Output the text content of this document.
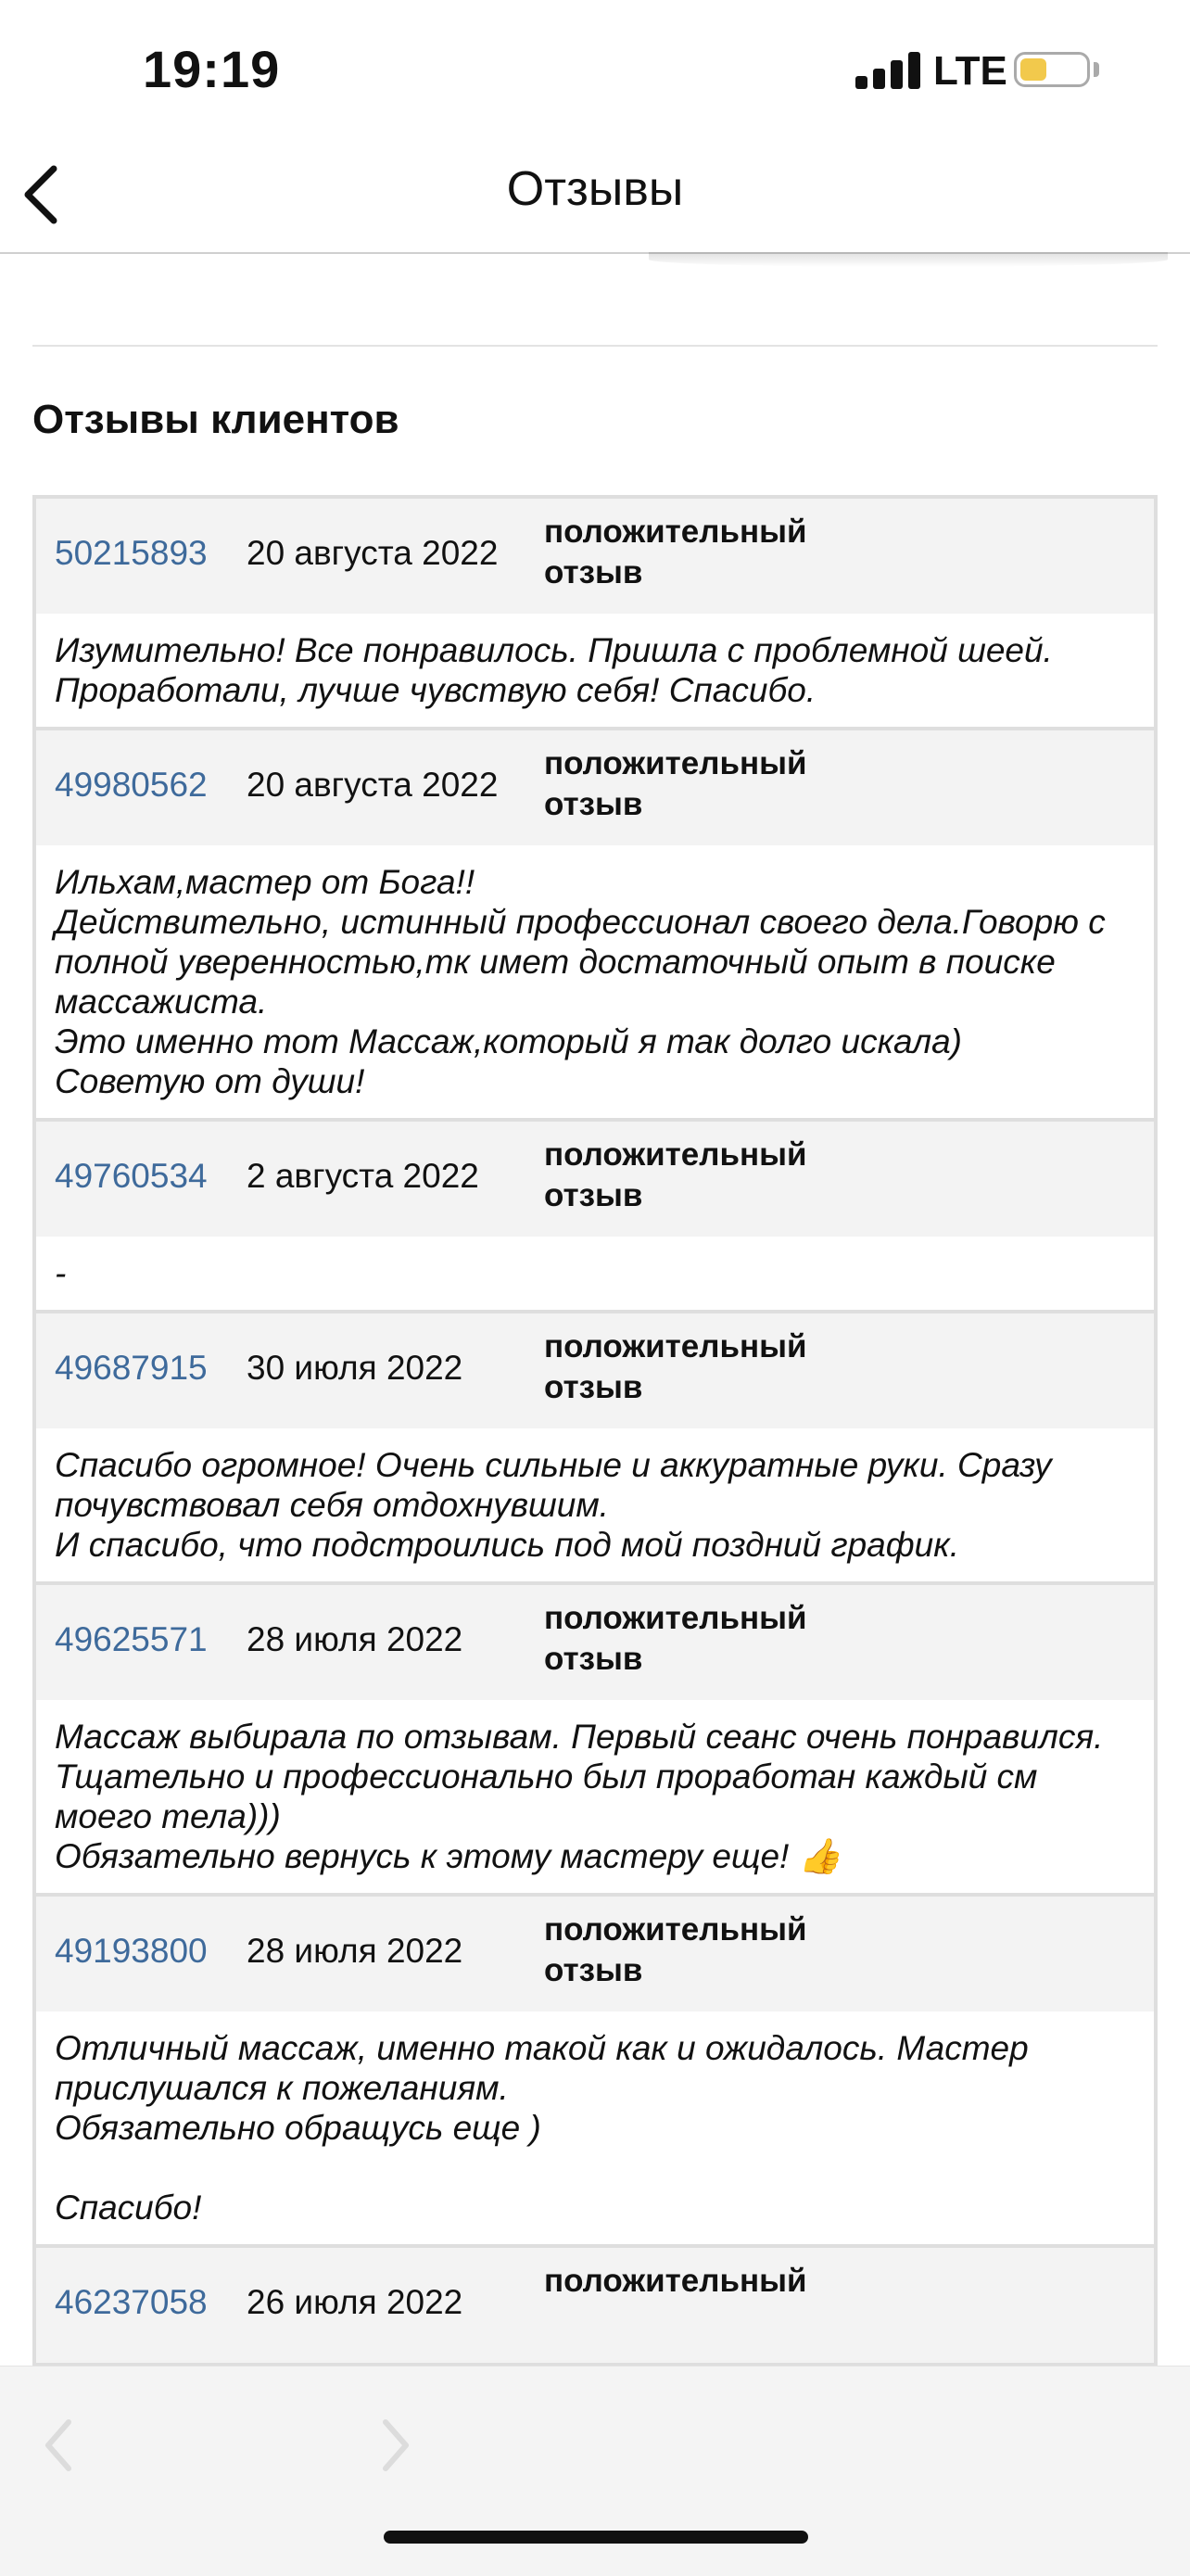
19:19	LTE
Отзывы
Отзывы клиентов
50215893 20 августа 2022
положительный отзыв
Изумительно! Все понравилось. Пришла с проблемной шеей. Проработали, лучше чувствую себя! Спасибо.
49980562 20 августа 2022
положительный отзыв
Ильхам,мастер от Бога!!
Действительно, истинный профессионал своего дела.Говорю с полной уверенностью,тк имет достаточный опыт в поиске массажиста.
Это именно тот Массаж,который я так долго искала)
Советую от души!
49760534 2 августа 2022
положительный отзыв
-
49687915 30 июля 2022
положительный отзыв
Спасибо огромное! Очень сильные и аккуратные руки. Сразу почувствовал себя отдохнувшим.
И спасибо, что подстроились под мой поздний график.
49625571 28 июля 2022
положительный отзыв
Массаж выбирала по отзывам. Первый сеанс очень понравился. Тщательно и профессионально был проработан каждый см моего тела)))
Обязательно вернусь к этому мастеру еще! 👍
49193800 28 июля 2022
положительный отзыв
Отличный массаж, именно такой как и ожидалось. Мастер прислушался к пожеланиям.
Обязательно обращусь еще )

Спасибо!
46237058 26 июля 2022
положительный
